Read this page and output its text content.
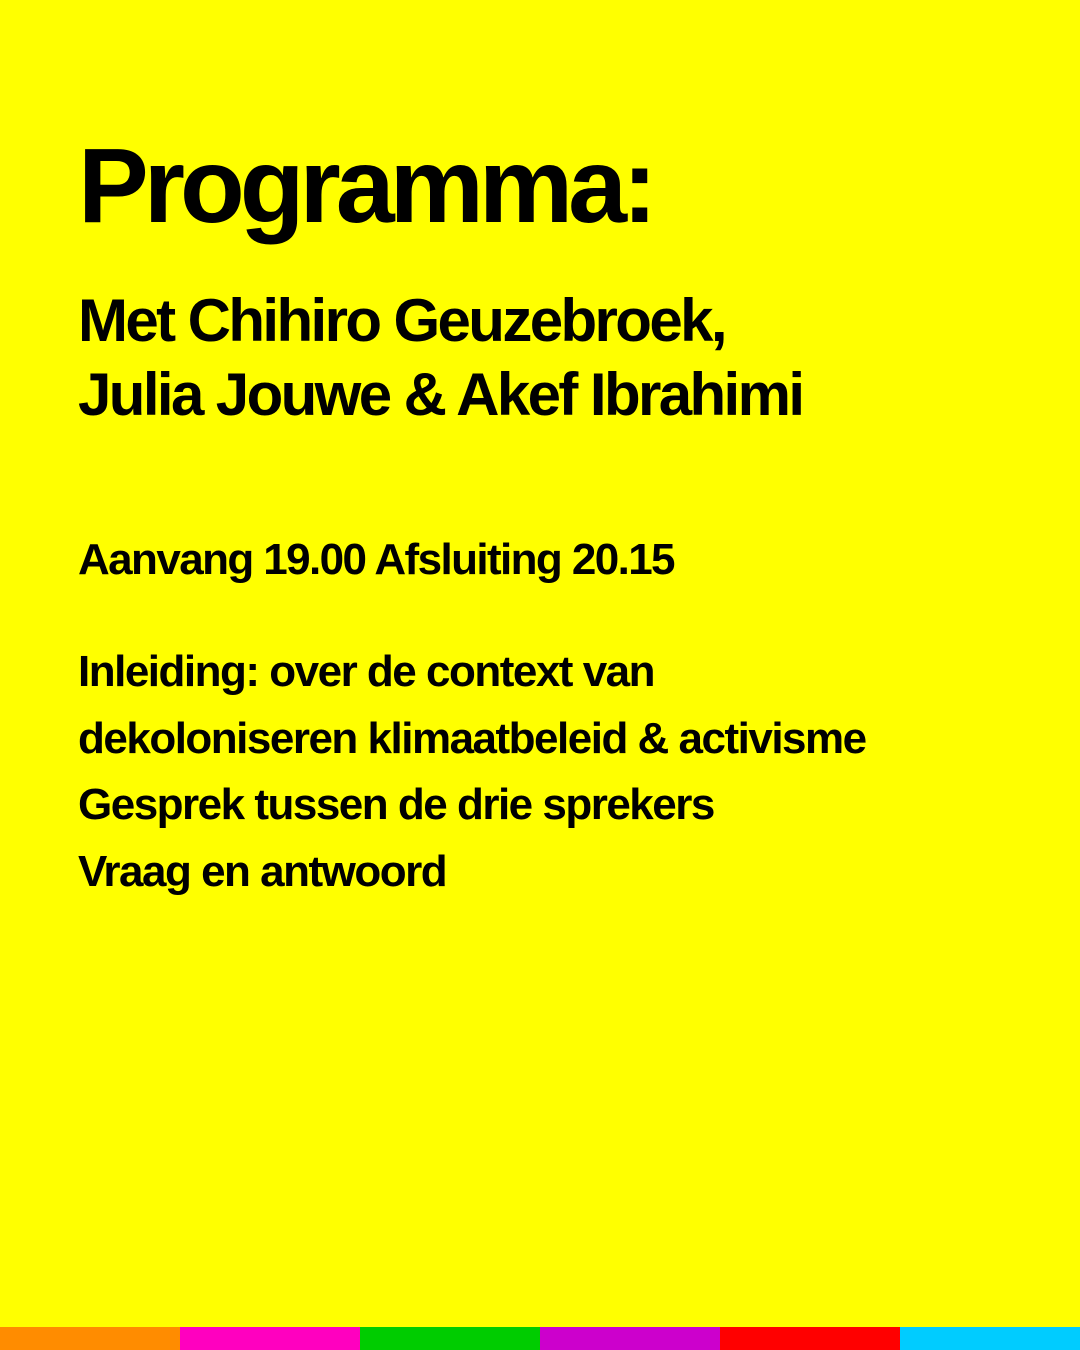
Programma:
Met Chihiro Geuzebroek,
Julia Jouwe & Akef Ibrahimi
Aanvang 19.00 Afsluiting 20.15
Inleiding: over de context van
dekoloniseren klimaatbeleid & activisme
Gesprek tussen de drie sprekers
Vraag en antwoord
